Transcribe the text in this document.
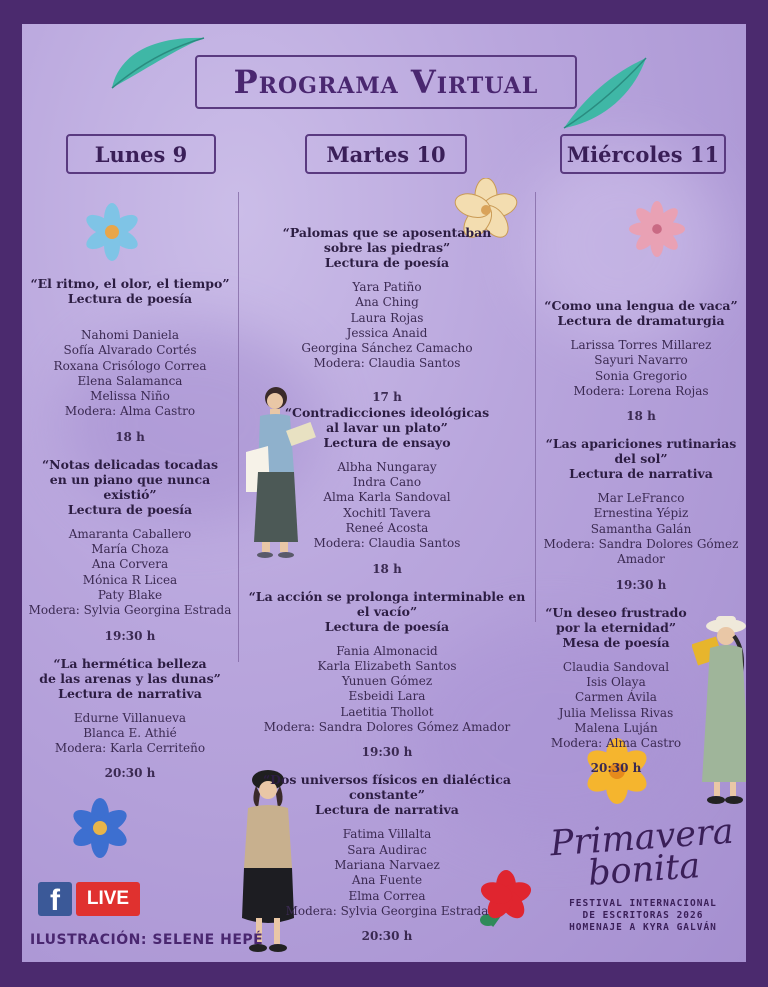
Programa Virtual
Lunes 9	Martes 10	Miércoles 11
“El ritmo, el olor, el tiempo”
Lectura de poesía
Nahomi Daniela
Sofía Alvarado Cortés
Roxana Crisólogo Correa
Elena Salamanca
Melissa Niño
Modera: Alma Castro
18 h
“Notas delicadas tocadas
en un piano que nunca existió”
Lectura de poesía
Amaranta Caballero
María Choza
Ana Corvera
Mónica R Licea
Paty Blake
Modera: Sylvia Georgina Estrada
19:30 h
“La hermética belleza
de las arenas y las dunas”
Lectura de narrativa
Edurne Villanueva
Blanca E. Athié
Modera: Karla Cerriteño
20:30 h
“Palomas que se aposentaban
sobre las piedras”
Lectura de poesía
Yara Patiño
Ana Ching
Laura Rojas
Jessica Anaid
Georgina Sánchez Camacho
Modera: Claudia Santos
17 h
“Contradicciones ideológicas
al lavar un plato”
Lectura de ensayo
Albha Nungaray
Indra Cano
Alma Karla Sandoval
Xochitl Tavera
Reneé Acosta
Modera: Claudia Santos
18 h
“La acción se prolonga interminable en el vacío”
Lectura de poesía
Fania Almonacid
Karla Elizabeth Santos
Yunuen Gómez
Esbeidi Lara
Laetitia Thollot
Modera: Sandra Dolores Gómez Amador
19:30 h
“Dos universos físicos en dialéctica constante”
Lectura de narrativa
Fatima Villalta
Sara Audirac
Mariana Narvaez
Ana Fuente
Elma Correa
Modera: Sylvia Georgina Estrada
20:30 h
“Como una lengua de vaca”
Lectura de dramaturgia
Larissa Torres Millarez
Sayuri Navarro
Sonia Gregorio
Modera: Lorena Rojas
18 h
“Las apariciones rutinarias del sol”
Lectura de narrativa
Mar LeFranco
Ernestina Yépiz
Samantha Galán
Modera: Sandra Dolores Gómez Amador
19:30 h
“Un deseo frustrado
por la eternidad”
Mesa de poesía
Claudia Sandoval
Isis Olaya
Carmen Ávila
Julia Melissa Rivas
Malena Luján
Modera: Alma Castro
20:30 h
Primavera bonita
FESTIVAL INTERNACIONAL
DE ESCRITORAS 2026
HOMENAJE A KYRA GALVÁN
f	LIVE
ILUSTRACIÓN: SELENE HEPÉ
